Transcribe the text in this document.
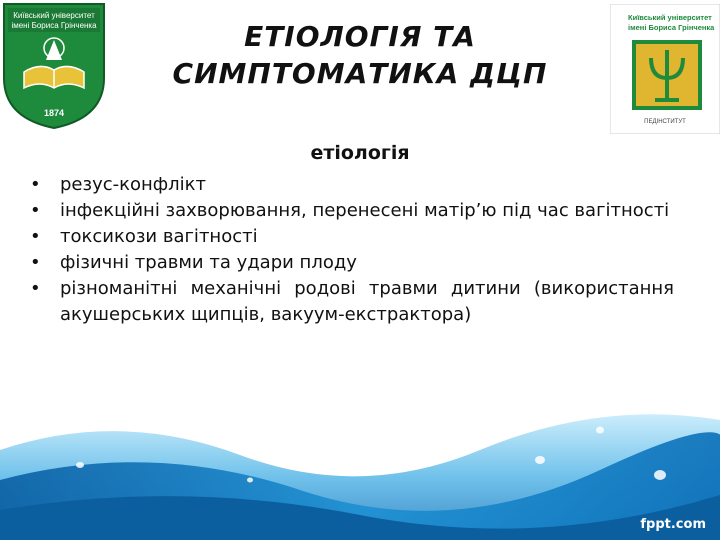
Київський університет
імені Бориса Грінченка
1874
Київський університет
імені Бориса Грінченка
ПЕДІНСТИТУТ
ЕТІОЛОГІЯ ТА
СИМПТОМАТИКА ДЦП
етіологія
• резус-конфлікт
• інфекційні захворювання, перенесені матір’ю під час вагітності
• токсикози вагітності
• фізичні травми та удари плоду
• різноманітні механічні родові травми дитини (використання акушерських щипців, вакуум-екстрактора)
fppt.com
